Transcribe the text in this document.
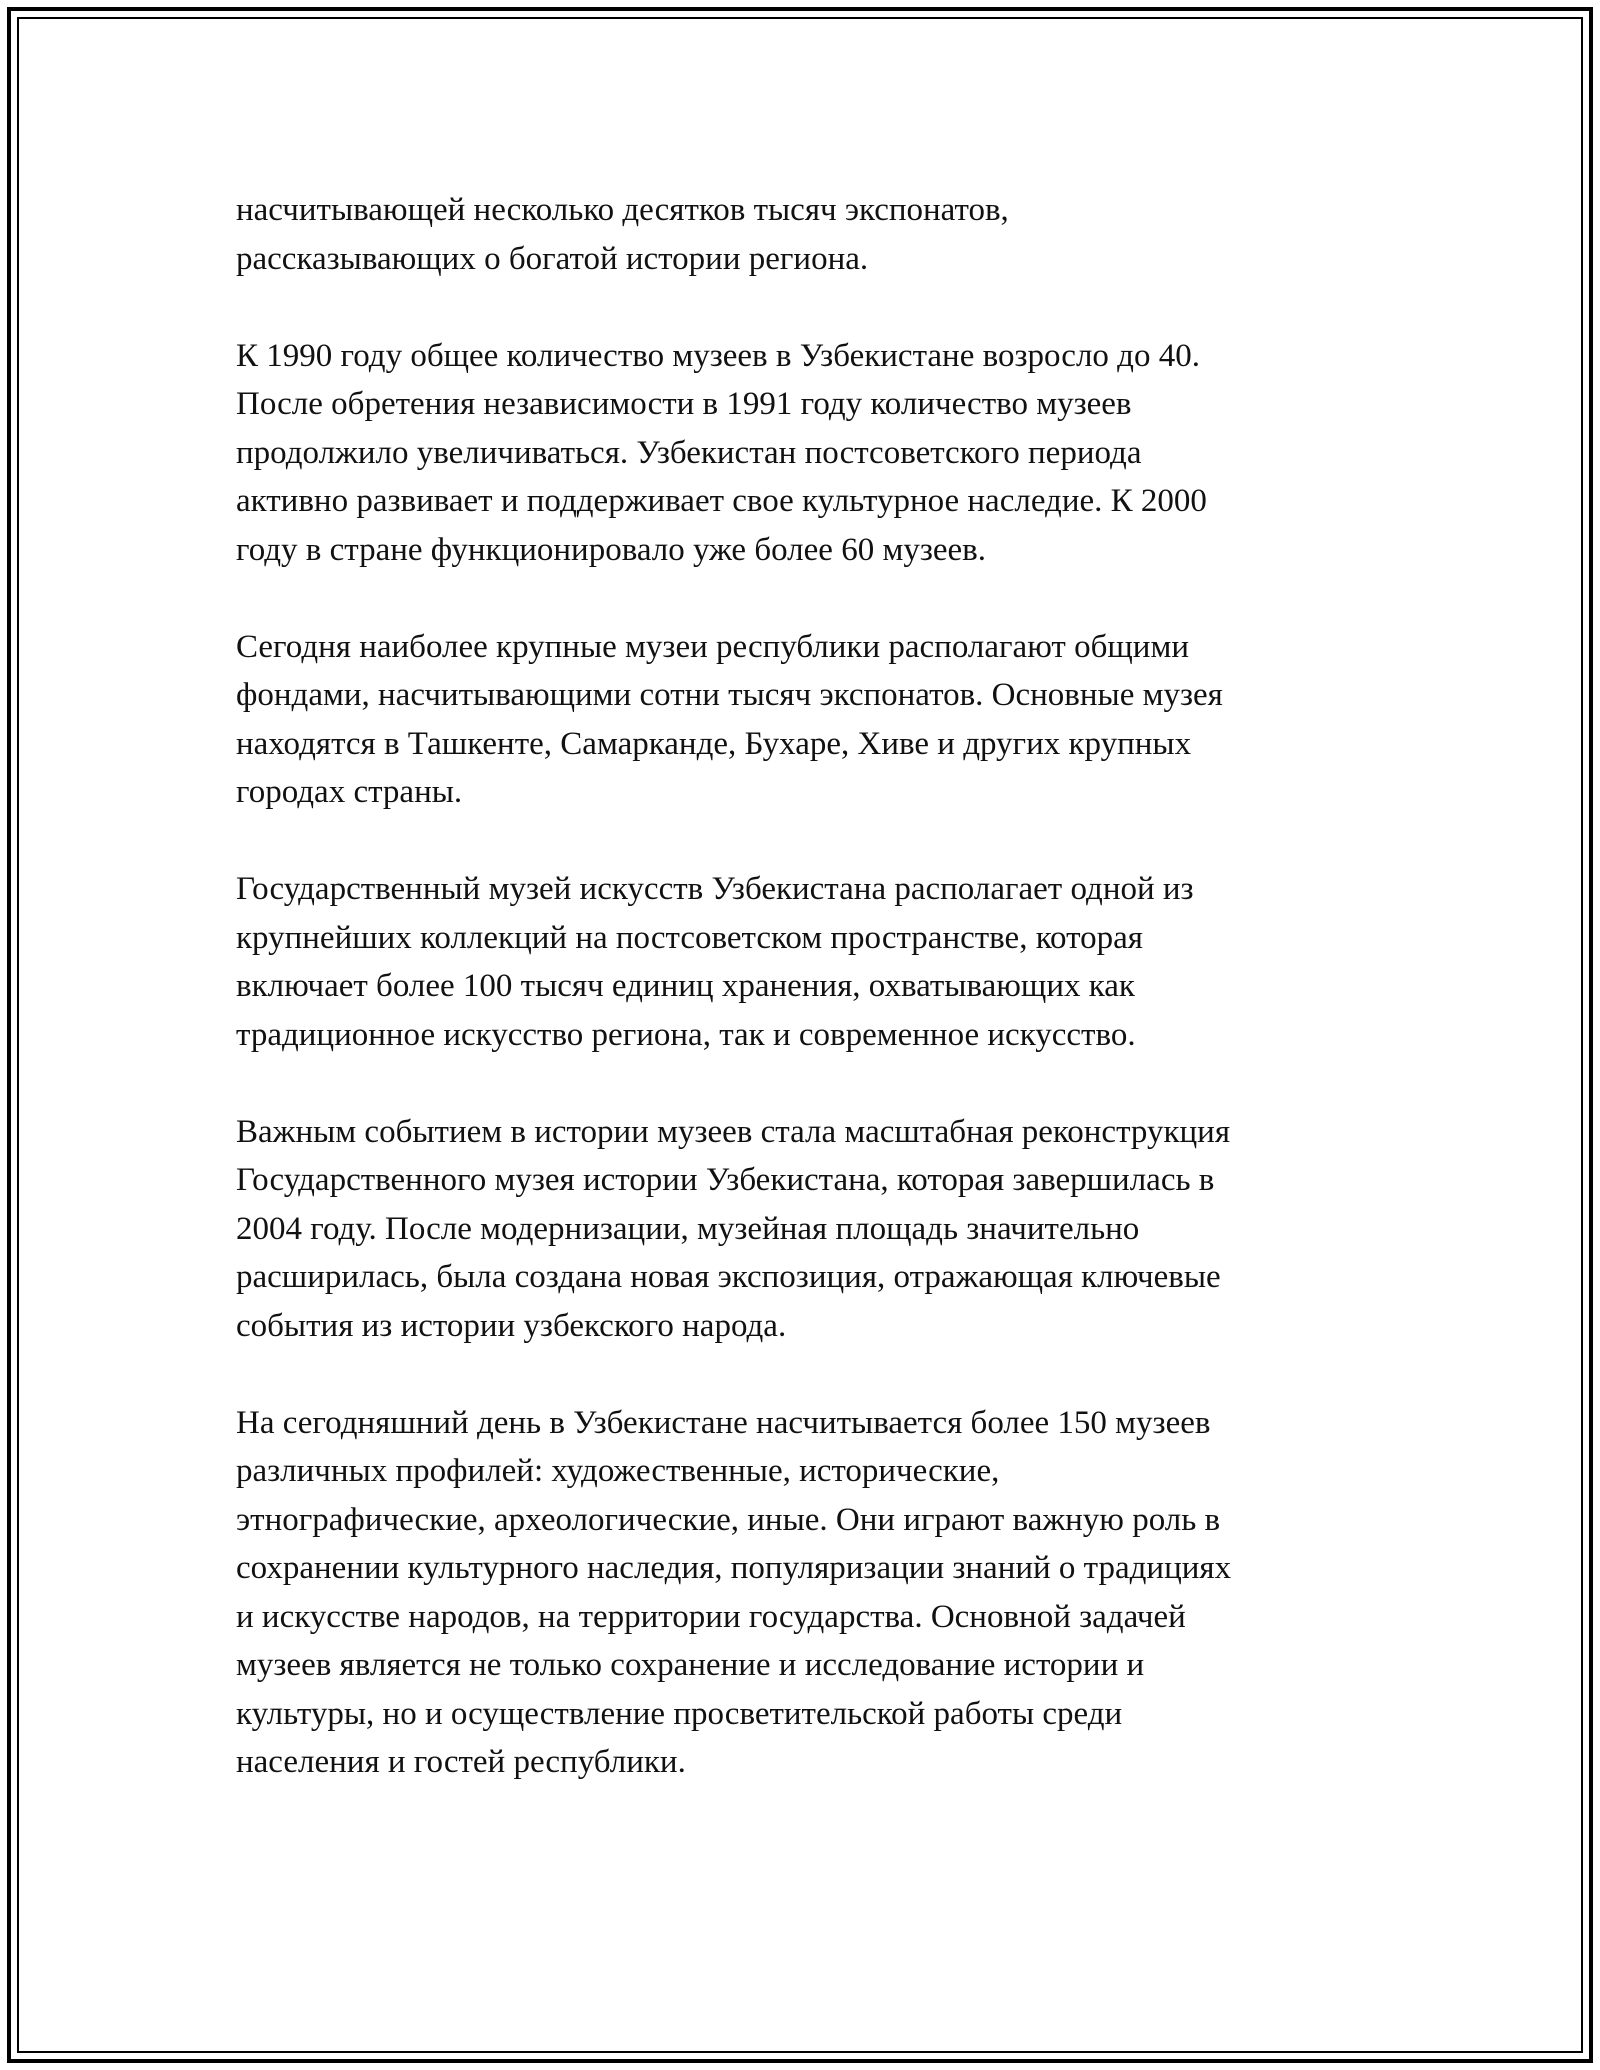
насчитывающей несколько десятков тысяч экспонатов,
рассказывающих о богатой истории региона.

К 1990 году общее количество музеев в Узбекистане возросло до 40.
После обретения независимости в 1991 году количество музеев
продолжило увеличиваться. Узбекистан постсоветского периода
активно развивает и поддерживает свое культурное наследие. К 2000
году в стране функционировало уже более 60 музеев.

Сегодня наиболее крупные музеи республики располагают общими
фондами, насчитывающими сотни тысяч экспонатов. Основные музея
находятся в Ташкенте, Самарканде, Бухаре, Хиве и других крупных
городах страны.

Государственный музей искусств Узбекистана располагает одной из
крупнейших коллекций на постсоветском пространстве, которая
включает более 100 тысяч единиц хранения, охватывающих как
традиционное искусство региона, так и современное искусство.

Важным событием в истории музеев стала масштабная реконструкция
Государственного музея истории Узбекистана, которая завершилась в
2004 году. После модернизации, музейная площадь значительно
расширилась, была создана новая экспозиция, отражающая ключевые
события из истории узбекского народа.

На сегодняшний день в Узбекистане насчитывается более 150 музеев
различных профилей: художественные, исторические,
этнографические, археологические, иные. Они играют важную роль в
сохранении культурного наследия, популяризации знаний о традициях
и искусстве народов, на территории государства. Основной задачей
музеев является не только сохранение и исследование истории и
культуры, но и осуществление просветительской работы среди
населения и гостей республики.
